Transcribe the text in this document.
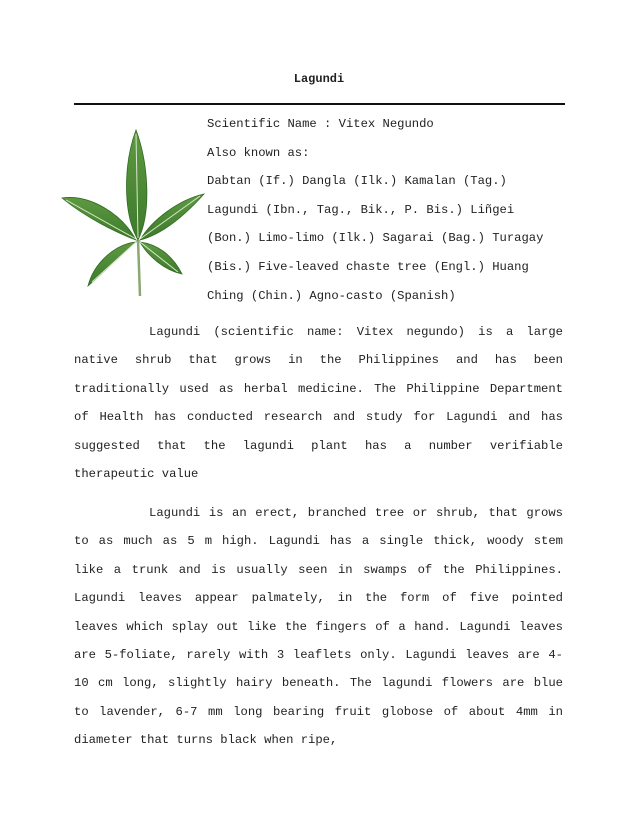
Lagundi
Scientific Name : Vitex Negundo
Also known as:
Dabtan (If.) Dangla (Ilk.) Kamalan (Tag.)
Lagundi (Ibn., Tag., Bik., P. Bis.) Liñgei
(Bon.) Limo-limo (Ilk.) Sagarai (Bag.) Turagay
(Bis.) Five-leaved chaste tree (Engl.) Huang
Ching (Chin.) Agno-casto (Spanish)

Lagundi (scientific name: Vitex negundo) is a large native shrub that grows in the Philippines and has been traditionally used as herbal medicine. The Philippine Department of Health has conducted research and study for Lagundi and has suggested that the lagundi plant has a number verifiable therapeutic value

Lagundi is an erect, branched tree or shrub, that grows to as much as 5 m high. Lagundi has a single thick, woody stem like a trunk and is usually seen in swamps of the Philippines. Lagundi leaves appear palmately, in the form of five pointed leaves which splay out like the fingers of a hand. Lagundi leaves are 5-foliate, rarely with 3 leaflets only. Lagundi leaves are 4-10 cm long, slightly hairy beneath. The lagundi flowers are blue to lavender, 6-7 mm long bearing fruit globose of about 4mm in diameter that turns black when ripe,
